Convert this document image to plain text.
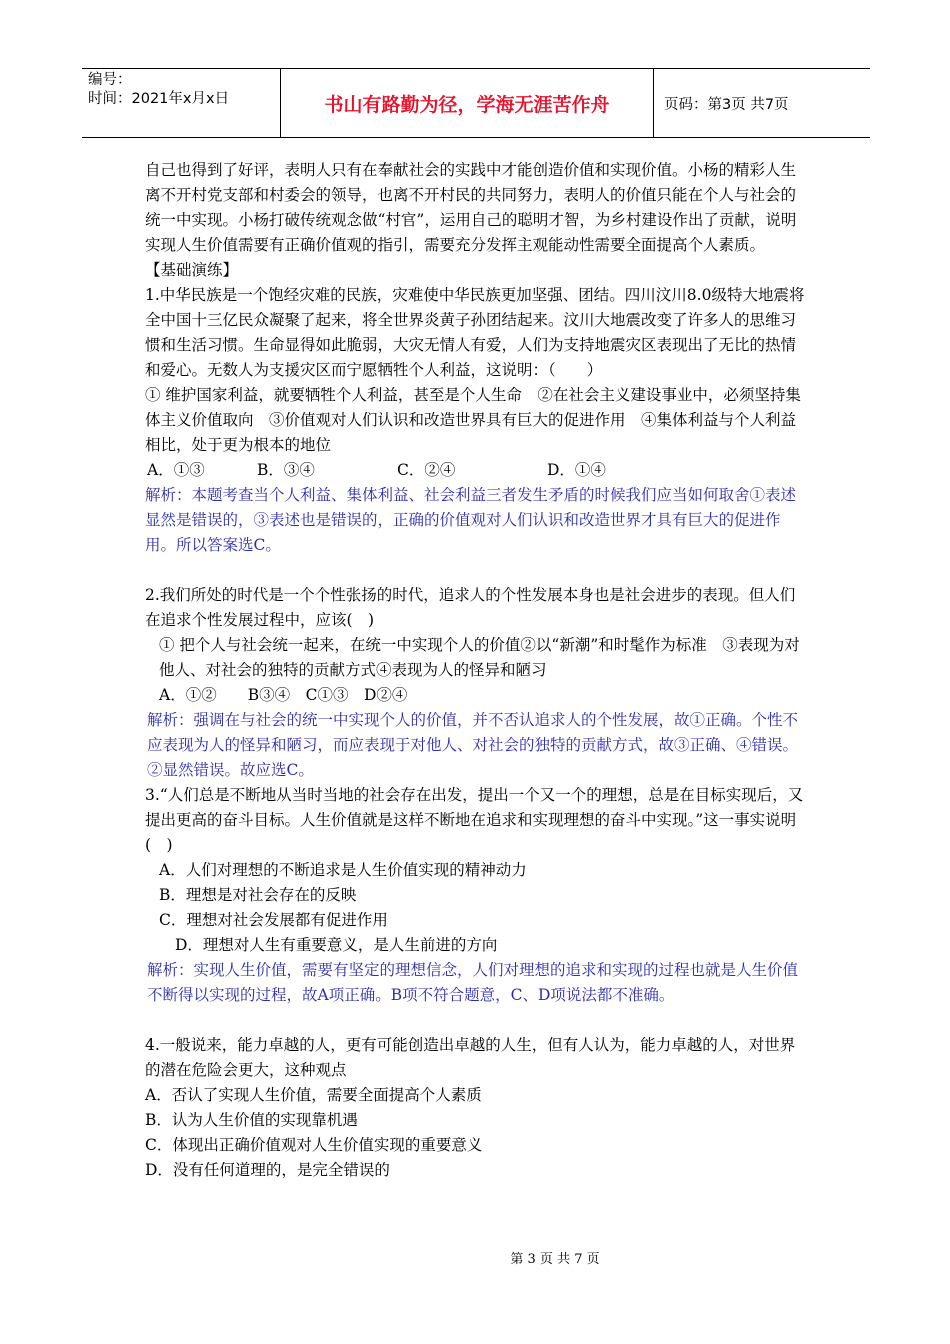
编号：
时间：2021年x月x日	书山有路勤为径，学海无涯苦作舟	页码：第3页 共7页

自己也得到了好评，表明人只有在奉献社会的实践中才能创造价值和实现价值。小杨的精彩人生离不开村党支部和村委会的领导，也离不开村民的共同努力，表明人的价值只能在个人与社会的统一中实现。小杨打破传统观念做“村官”，运用自己的聪明才智，为乡村建设作出了贡献，说明实现人生价值需要有正确价值观的指引，需要充分发挥主观能动性需要全面提高个人素质。

【基础演练】

1.中华民族是一个饱经灾难的民族，灾难使中华民族更加坚强、团结。四川汶川8.0级特大地震将全中国十三亿民众凝聚了起来，将全世界炎黄子孙团结起来。汶川大地震改变了许多人的思维习惯和生活习惯。生命显得如此脆弱，大灾无情人有爱，人们为支持地震灾区表现出了无比的热情和爱心。无数人为支援灾区而宁愿牺牲个人利益，这说明：（　　）

① 维护国家利益，就要牺牲个人利益，甚至是个人生命　②在社会主义建设事业中，必须坚持集体主义价值取向　③价值观对人们认识和改造世界具有巨大的促进作用　④集体利益与个人利益相比，处于更为根本的地位

A．①③	B．③④	C．②④	D．①④

解析：本题考查当个人利益、集体利益、社会利益三者发生矛盾的时候我们应当如何取舍①表述显然是错误的，③表述也是错误的，正确的价值观对人们认识和改造世界才具有巨大的促进作用。所以答案选C。

2.我们所处的时代是一个个性张扬的时代，追求人的个性发展本身也是社会进步的表现。但人们在追求个性发展过程中，应该(　)

① 把个人与社会统一起来，在统一中实现个人的价值②以“新潮”和时髦作为标准　③表现为对他人、对社会的独特的贡献方式④表现为人的怪异和陋习

A．①②　　B③④　C①③　D②④

解析：强调在与社会的统一中实现个人的价值，并不否认追求人的个性发展，故①正确。个性不应表现为人的怪异和陋习，而应表现于对他人、对社会的独特的贡献方式，故③正确、④错误。②显然错误。故应选C。

3.“人们总是不断地从当时当地的社会存在出发，提出一个又一个的理想，总是在目标实现后，又提出更高的奋斗目标。人生价值就是这样不断地在追求和实现理想的奋斗中实现。”这一事实说明(　)

A．人们对理想的不断追求是人生价值实现的精神动力

B．理想是对社会存在的反映

C．理想对社会发展都有促进作用

D．理想对人生有重要意义，是人生前进的方向

解析：实现人生价值，需要有坚定的理想信念，人们对理想的追求和实现的过程也就是人生价值不断得以实现的过程，故A项正确。B项不符合题意，C、D项说法都不准确。

4.一般说来，能力卓越的人，更有可能创造出卓越的人生，但有人认为，能力卓越的人，对世界的潜在危险会更大，这种观点

A．否认了实现人生价值，需要全面提高个人素质

B．认为人生价值的实现靠机遇

C．体现出正确价值观对人生价值实现的重要意义

D．没有任何道理的，是完全错误的

第 3 页 共 7 页
